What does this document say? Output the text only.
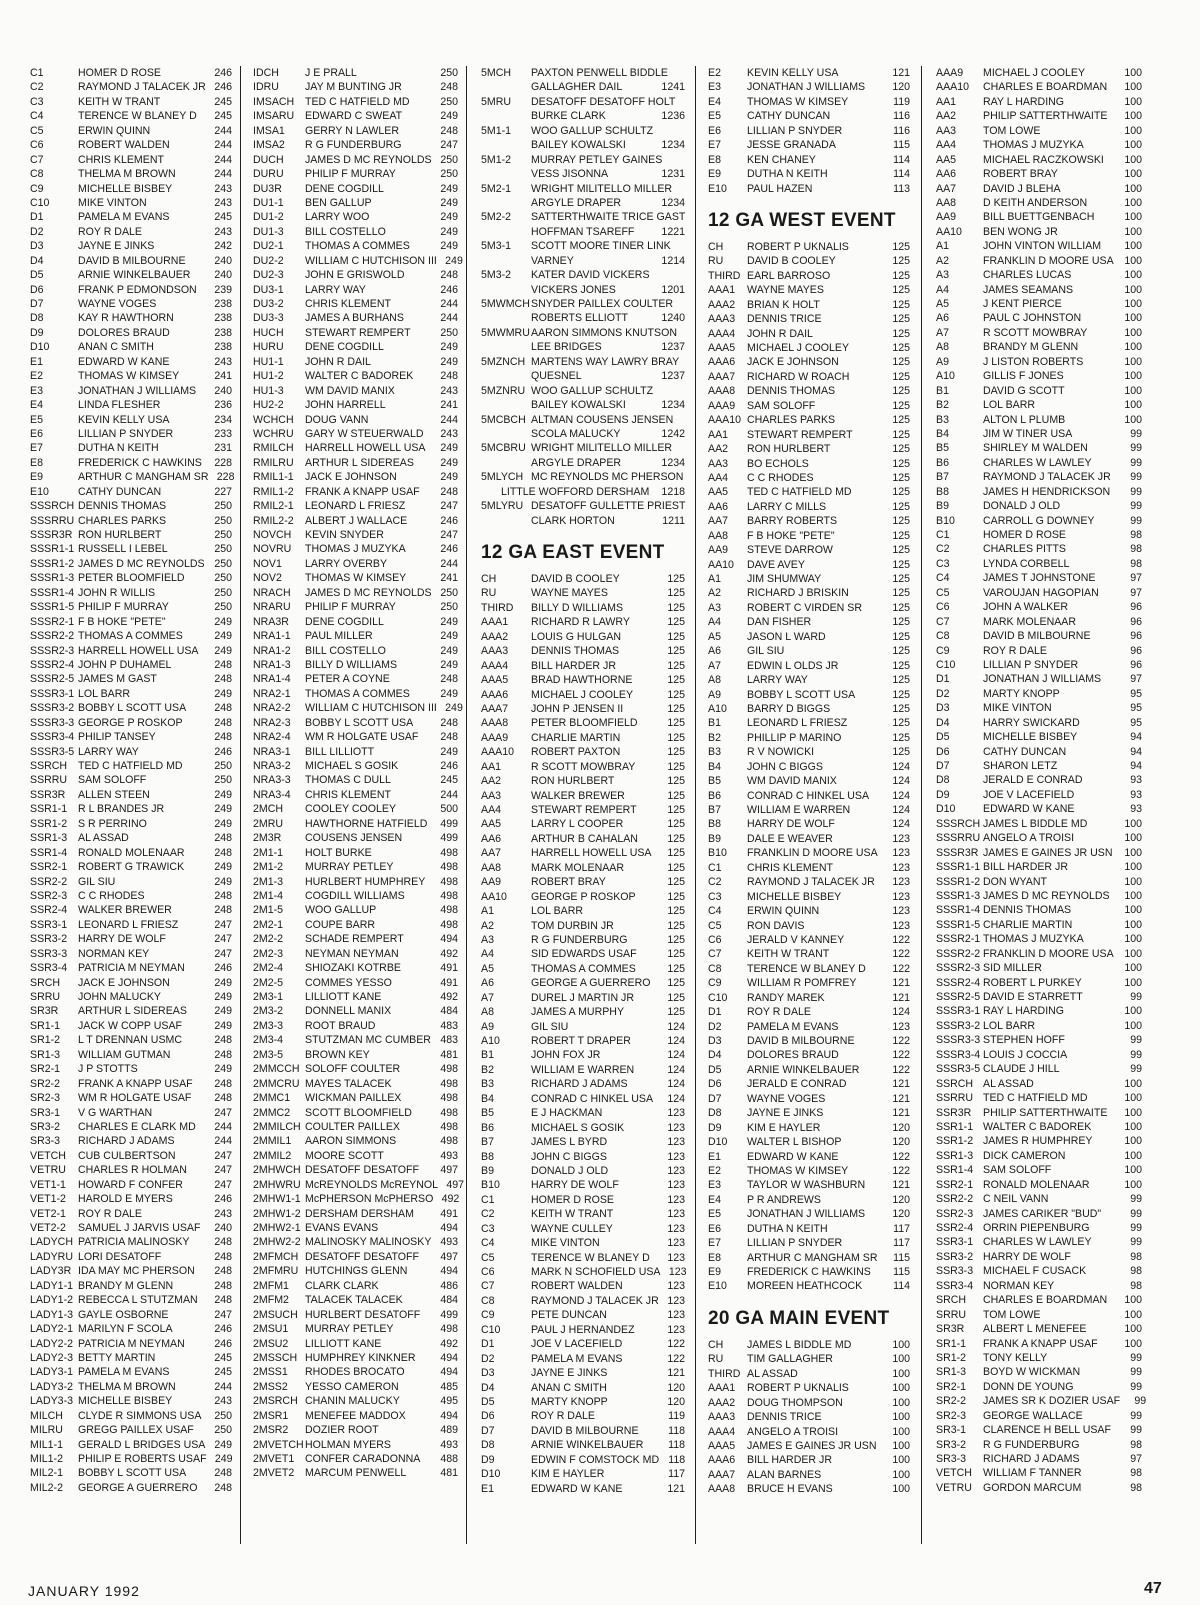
C1	HOMER D ROSE	246
C2	RAYMOND J TALACEK JR 246
C3	KEITH W TRANT	245
C4	TERENCE W BLANEY D	245
C5	ERWIN QUINN	244
C6	ROBERT WALDEN	244
C7	CHRIS KLEMENT	244
C8	THELMA M BROWN	244
C9	MICHELLE BISBEY	243
C10	MIKE VINTON	243
D1	PAMELA M EVANS	245
D2	ROY R DALE	243
D3	JAYNE E JINKS	242
D4	DAVID B MILBOURNE	240
D5	ARNIE WINKELBAUER	240
D6	FRANK P EDMONDSON	239
D7	WAYNE VOGES	238
D8	KAY R HAWTHORN	238
D9	DOLORES BRAUD	238
D10	ANAN C SMITH	238
E1	EDWARD W KANE	243
E2	THOMAS W KIMSEY	241
E3	JONATHAN J WILLIAMS	240
E4	LINDA FLESHER	236
E5	KEVIN KELLY USA	234
E6	LILLIAN P SNYDER	233
E7	DUTHA N KEITH	231
E8	FREDERICK C HAWKINS	228
E9	ARTHUR C MANGHAM SR 228
E10	CATHY DUNCAN	227
SSSRCH DENNIS THOMAS	250
SSSRRU CHARLES PARKS	250
SSSR3R RON HURLBERT	250
SSSR1-1 RUSSELL I LEBEL	250
SSSR1-2 JAMES D MC REYNOLDS 250
SSSR1-3 PETER BLOOMFIELD	250
SSSR1-4 JOHN R WILLIS	250
SSSR1-5 PHILIP F MURRAY	250
SSSR2-1 F B HOKE "PETE"	249
SSSR2-2 THOMAS A COMMES	249
SSSR2-3 HARRELL HOWELL USA	249
SSSR2-4 JOHN P DUHAMEL	248
SSSR2-5 JAMES M GAST	248
SSSR3-1 LOL BARR	249
SSSR3-2 BOBBY L SCOTT USA	248
SSSR3-3 GEORGE P ROSKOP	248
SSSR3-4 PHILIP TANSEY	248
SSSR3-5 LARRY WAY	246
SSRCH	TED C HATFIELD MD	250
SSRRU	SAM SOLOFF	250
SSR3R	ALLEN STEEN	249
SSR1-1	R L BRANDES JR	249
SSR1-2	S R PERRINO	249
SSR1-3	AL ASSAD	248
SSR1-4	RONALD MOLENAAR	248
SSR2-1	ROBERT G TRAWICK	249
SSR2-2	GIL SIU	249
SSR2-3	C C RHODES	248
SSR2-4	WALKER BREWER	248
SSR3-1	LEONARD L FRIESZ	247
SSR3-2	HARRY DE WOLF	247
SSR3-3	NORMAN KEY	247
SSR3-4	PATRICIA M NEYMAN	246
SRCH	JACK E JOHNSON	249
SRRU	JOHN MALUCKY	249
SR3R	ARTHUR L SIDEREAS	249
SR1-1	JACK W COPP USAF	249
SR1-2	L T DRENNAN USMC	248
SR1-3	WILLIAM GUTMAN	248
SR2-1	J P STOTTS	249
SR2-2	FRANK A KNAPP USAF	248
SR2-3	WM R HOLGATE USAF	248
SR3-1	V G WARTHAN	247
SR3-2	CHARLES E CLARK MD	244
SR3-3	RICHARD J ADAMS	244
VETCH	CUB CULBERTSON	247
VETRU	CHARLES R HOLMAN	247
VET1-1	HOWARD F CONFER	247
VET1-2	HAROLD E MYERS	246
VET2-1	ROY R DALE	243
VET2-2	SAMUEL J JARVIS USAF	240
LADYCH PATRICIA MALINOSKY	248
LADYRU LORI DESATOFF	248
LADY3R IDA MAY MC PHERSON	248
LADY1-1 BRANDY M GLENN	248
LADY1-2 REBECCA L STUTZMAN	248
LADY1-3 GAYLE OSBORNE	247
LADY2-1 MARILYN F SCOLA	246
LADY2-2 PATRICIA M NEYMAN	246
LADY2-3 BETTY MARTIN	245
LADY3-1 PAMELA M EVANS	245
LADY3-2 THELMA M BROWN	244
LADY3-3 MICHELLE BISBEY	243
MILCH	CLYDE R SIMMONS USA	250
MILRU	GREGG PAILLEX USAF	250
MIL1-1	GERALD L BRIDGES USA 249
MIL1-2	PHILIP E ROBERTS USAF 249
MIL2-1	BOBBY L SCOTT USA	248
MIL2-2	GEORGE A GUERRERO	248
IDCH	J E PRALL	250
IDRU	JAY M BUNTING JR	248
IMSACH	TED C HATFIELD MD	250
IMSARU	EDWARD C SWEAT	249
IMSA1	GERRY N LAWLER	248
IMSA2	R G FUNDERBURG	247
DUCH	JAMES D MC REYNOLDS 250
DURU	PHILIP F MURRAY	250
DU3R	DENE COGDILL	249
DU1-1	BEN GALLUP	249
DU1-2	LARRY WOO	249
DU1-3	BILL COSTELLO	249
DU2-1	THOMAS A COMMES	249
DU2-2	WILLIAM C HUTCHISON III 249
DU2-3	JOHN E GRISWOLD	248
DU3-1	LARRY WAY	246
DU3-2	CHRIS KLEMENT	244
DU3-3	JAMES A BURHANS	244
HUCH	STEWART REMPERT	250
HURU	DENE COGDILL	249
HU1-1	JOHN R DAIL	249
HU1-2	WALTER C BADOREK	248
HU1-3	WM DAVID MANIX	243
HU2-2	JOHN HARRELL	241
WCHCH	DOUG VANN	244
WCHRU	GARY W STEUERWALD	243
RMILCH	HARRELL HOWELL USA	249
RMILRU	ARTHUR L SIDEREAS	249
RMIL1-1	JACK E JOHNSON	249
RMIL1-2	FRANK A KNAPP USAF	248
RMIL2-1	LEONARD L FRIESZ	247
RMIL2-2	ALBERT J WALLACE	246
NOVCH	KEVIN SNYDER	247
NOVRU	THOMAS J MUZYKA	246
NOV1	LARRY OVERBY	244
NOV2	THOMAS W KIMSEY	241
NRACH	JAMES D MC REYNOLDS 250
NRARU	PHILIP F MURRAY	250
NRA3R	DENE COGDILL	249
NRA1-1	PAUL MILLER	249
NRA1-2	BILL COSTELLO	249
NRA1-3	BILLY D WILLIAMS	249
NRA1-4	PETER A COYNE	248
NRA2-1	THOMAS A COMMES	249
NRA2-2	WILLIAM C HUTCHISON III 249
NRA2-3	BOBBY L SCOTT USA	248
NRA2-4	WM R HOLGATE USAF	248
NRA3-1	BILL LILLIOTT	249
NRA3-2	MICHAEL S GOSIK	246
NRA3-3	THOMAS C DULL	245
NRA3-4	CHRIS KLEMENT	244
2MCH	COOLEY COOLEY	500
2MRU	HAWTHORNE HATFIELD	499
2M3R	COUSENS JENSEN	499
2M1-1	HOLT BURKE	498
2M1-2	MURRAY PETLEY	498
2M1-3	HURLBERT HUMPHREY	498
2M1-4	COGDILL WILLIAMS	498
2M1-5	WOO GALLUP	498
2M2-1	COUPE BARR	498
2M2-2	SCHADE REMPERT	494
2M2-3	NEYMAN NEYMAN	492
2M2-4	SHIOZAKI KOTRBE	491
2M2-5	COMMES YESSO	491
2M3-1	LILLIOTT KANE	492
2M3-2	DONNELL MANIX	484
2M3-3	ROOT BRAUD	483
2M3-4	STUTZMAN MC CUMBER 483
2M3-5	BROWN KEY	481
2MMCCH SOLOFF COULTER	498
2MMCRU MAYES TALACEK	498
2MMC1	WICKMAN PAILLEX	498
2MMC2	SCOTT BLOOMFIELD	498
2MMILCH COULTER PAILLEX	498
2MMIL1	AARON SIMMONS	498
2MMIL2	MOORE SCOTT	493
2MHWCH DESATOFF DESATOFF	497
2MHWRU McREYNOLDS McREYNOL 497
2MHW1-1 McPHERSON McPHERSO 492
2MHW1-2 DERSHAM DERSHAM	491
2MHW2-1 EVANS EVANS	494
2MHW2-2 MALINOSKY MALINOSKY 493
2MFMCH DESATOFF DESATOFF	497
2MFMRU HUTCHINGS GLENN	494
2MFM1	CLARK CLARK	486
2MFM2	TALACEK TALACEK	484
2MSUCH HURLBERT DESATOFF	499
2MSU1	MURRAY PETLEY	498
2MSU2	LILLIOTT KANE	492
2MSSCH HUMPHREY KINKNER	494
2MSS1	RHODES BROCATO	494
2MSS2	YESSO CAMERON	485
2MSRCH CHANIN MALUCKY	495
2MSR1	MENEFEE MADDOX	494
2MSR2	DOZIER ROOT	489
2MVETCH HOLMAN MYERS	493
2MVET1	CONFER CARADONNA	488
2MVET2	MARCUM PENWELL	481
5MCH	PAXTON PENWELL BIDDLE
GALLAGHER DAIL	1241
5MRU	DESATOFF DESATOFF HOLT
BURKE CLARK	1236
5M1-1	WOO GALLUP SCHULTZ
BAILEY KOWALSKI	1234
5M1-2	MURRAY PETLEY GAINES
VESS JISONNA	1231
5M2-1	WRIGHT MILITELLO MILLER
ARGYLE DRAPER	1234
5M2-2	SATTERTHWAITE TRICE GAST
HOFFMAN TSAREFF	1221
5M3-1	SCOTT MOORE TINER LINK
VARNEY	1214
5M3-2	KATER DAVID VICKERS
VICKERS JONES	1201
5MWMCH SNYDER PAILLEX COULTER
ROBERTS ELLIOTT	1240
5MWMRU AARON SIMMONS KNUTSON
LEE BRIDGES	1237
5MZNCH MARTENS WAY LAWRY BRAY
QUESNEL	1237
5MZNRU WOO GALLUP SCHULTZ
BAILEY KOWALSKI	1234
5MCBCH ALTMAN COUSENS JENSEN
SCOLA MALUCKY	1242
5MCBRU WRIGHT MILITELLO MILLER
ARGYLE DRAPER	1234
5MLYCH MC REYNOLDS MC PHERSON
LITTLE WOFFORD DERSHAM	1218
5MLYRU DESATOFF GULLETTE PRIEST
CLARK HORTON	1211
12 GA EAST EVENT
CH	DAVID B COOLEY	125
RU	WAYNE MAYES	125
THIRD	BILLY D WILLIAMS	125
AAA1	RICHARD R LAWRY	125
AAA2	LOUIS G HULGAN	125
AAA3	DENNIS THOMAS	125
AAA4	BILL HARDER JR	125
AAA5	BRAD HAWTHORNE	125
AAA6	MICHAEL J COOLEY	125
AAA7	JOHN P JENSEN II	125
AAA8	PETER BLOOMFIELD	125
AAA9	CHARLIE MARTIN	125
AAA10	ROBERT PAXTON	125
AA1	R SCOTT MOWBRAY	125
AA2	RON HURLBERT	125
AA3	WALKER BREWER	125
AA4	STEWART REMPERT	125
AA5	LARRY L COOPER	125
AA6	ARTHUR B CAHALAN	125
AA7	HARRELL HOWELL USA	125
AA8	MARK MOLENAAR	125
AA9	ROBERT BRAY	125
AA10	GEORGE P ROSKOP	125
A1	LOL BARR	125
A2	TOM DURBIN JR	125
A3	R G FUNDERBURG	125
A4	SID EDWARDS USAF	125
A5	THOMAS A COMMES	125
A6	GEORGE A GUERRERO	125
A7	DUREL J MARTIN JR	125
A8	JAMES A MURPHY	125
A9	GIL SIU	124
A10	ROBERT T DRAPER	124
B1	JOHN FOX JR	124
B2	WILLIAM E WARREN	124
B3	RICHARD J ADAMS	124
B4	CONRAD C HINKEL USA	124
B5	E J HACKMAN	123
B6	MICHAEL S GOSIK	123
B7	JAMES L BYRD	123
B8	JOHN C BIGGS	123
B9	DONALD J OLD	123
B10	HARRY DE WOLF	123
C1	HOMER D ROSE	123
C2	KEITH W TRANT	123
C3	WAYNE CULLEY	123
C4	MIKE VINTON	123
C5	TERENCE W BLANEY D	123
C6	MARK N SCHOFIELD USA 123
C7	ROBERT WALDEN	123
C8	RAYMOND J TALACEK JR 123
C9	PETE DUNCAN	123
C10	PAUL J HERNANDEZ	123
D1	JOE V LACEFIELD	122
D2	PAMELA M EVANS	122
D3	JAYNE E JINKS	121
D4	ANAN C SMITH	120
D5	MARTY KNOPP	120
D6	ROY R DALE	119
D7	DAVID B MILBOURNE	118
D8	ARNIE WINKELBAUER	118
D9	EDWIN F COMSTOCK MD 118
D10	KIM E HAYLER	117
E1	EDWARD W KANE	121
E2	KEVIN KELLY USA	121
E3	JONATHAN J WILLIAMS	120
E4	THOMAS W KIMSEY	119
E5	CATHY DUNCAN	116
E6	LILLIAN P SNYDER	116
E7	JESSE GRANADA	115
E8	KEN CHANEY	114
E9	DUTHA N KEITH	114
E10	PAUL HAZEN	113
12 GA WEST EVENT
CH	ROBERT P UKNALIS	125
RU	DAVID B COOLEY	125
THIRD EARL BARROSO	125
AAA1	WAYNE MAYES	125
AAA2	BRIAN K HOLT	125
AAA3	DENNIS TRICE	125
AAA4	JOHN R DAIL	125
AAA5	MICHAEL J COOLEY	125
AAA6	JACK E JOHNSON	125
AAA7	RICHARD W ROACH	125
AAA8	DENNIS THOMAS	125
AAA9	SAM SOLOFF	125
AAA10 CHARLES PARKS	125
AA1	STEWART REMPERT	125
AA2	RON HURLBERT	125
AA3	BO ECHOLS	125
AA4	C C RHODES	125
AA5	TED C HATFIELD MD	125
AA6	LARRY C MILLS	125
AA7	BARRY ROBERTS	125
AA8	F B HOKE "PETE"	125
AA9	STEVE DARROW	125
AA10	DAVE AVEY	125
A1	JIM SHUMWAY	125
A2	RICHARD J BRISKIN	125
A3	ROBERT C VIRDEN SR	125
A4	DAN FISHER	125
A5	JASON L WARD	125
A6	GIL SIU	125
A7	EDWIN L OLDS JR	125
A8	LARRY WAY	125
A9	BOBBY L SCOTT USA	125
A10	BARRY D BIGGS	125
B1	LEONARD L FRIESZ	125
B2	PHILLIP P MARINO	125
B3	R V NOWICKI	125
B4	JOHN C BIGGS	124
B5	WM DAVID MANIX	124
B6	CONRAD C HINKEL USA	124
B7	WILLIAM E WARREN	124
B8	HARRY DE WOLF	124
B9	DALE E WEAVER	123
B10	FRANKLIN D MOORE USA	123
C1	CHRIS KLEMENT	123
C2	RAYMOND J TALACEK JR	123
C3	MICHELLE BISBEY	123
C4	ERWIN QUINN	123
C5	RON DAVIS	123
C6	JERALD V KANNEY	122
C7	KEITH W TRANT	122
C8	TERENCE W BLANEY D	122
C9	WILLIAM R POMFREY	121
C10	RANDY MAREK	121
D1	ROY R DALE	124
D2	PAMELA M EVANS	123
D3	DAVID B MILBOURNE	122
D4	DOLORES BRAUD	122
D5	ARNIE WINKELBAUER	122
D6	JERALD E CONRAD	121
D7	WAYNE VOGES	121
D8	JAYNE E JINKS	121
D9	KIM E HAYLER	120
D10	WALTER L BISHOP	120
E1	EDWARD W KANE	122
E2	THOMAS W KIMSEY	122
E3	TAYLOR W WASHBURN	121
E4	P R ANDREWS	120
E5	JONATHAN J WILLIAMS	120
E6	DUTHA N KEITH	117
E7	LILLIAN P SNYDER	117
E8	ARTHUR C MANGHAM SR	115
E9	FREDERICK C HAWKINS	115
E10	MOREEN HEATHCOCK	114
20 GA MAIN EVENT
CH	JAMES L BIDDLE MD	100
RU	TIM GALLAGHER	100
THIRD AL ASSAD	100
AAA1	ROBERT P UKNALIS	100
AAA2	DOUG THOMPSON	100
AAA3	DENNIS TRICE	100
AAA4	ANGELO A TROISI	100
AAA5	JAMES E GAINES JR USN	100
AAA6	BILL HARDER JR	100
AAA7	ALAN BARNES	100
AAA8	BRUCE H EVANS	100
AAA9	MICHAEL J COOLEY	100
AAA10	CHARLES E BOARDMAN	100
AA1	RAY L HARDING	100
AA2	PHILIP SATTERTHWAITE	100
AA3	TOM LOWE	100
AA4	THOMAS J MUZYKA	100
AA5	MICHAEL RACZKOWSKI	100
AA6	ROBERT BRAY	100
AA7	DAVID J BLEHA	100
AA8	D KEITH ANDERSON	100
AA9	BILL BUETTGENBACH	100
AA10	BEN WONG JR	100
A1	JOHN VINTON WILLIAM	100
A2	FRANKLIN D MOORE USA	100
A3	CHARLES LUCAS	100
A4	JAMES SEAMANS	100
A5	J KENT PIERCE	100
A6	PAUL C JOHNSTON	100
A7	R SCOTT MOWBRAY	100
A8	BRANDY M GLENN	100
A9	J LISTON ROBERTS	100
A10	GILLIS F JONES	100
B1	DAVID G SCOTT	100
B2	LOL BARR	100
B3	ALTON L PLUMB	100
B4	JIM W TINER USA	99
B5	SHIRLEY M WALDEN	99
B6	CHARLES W LAWLEY	99
B7	RAYMOND J TALACEK JR	99
B8	JAMES H HENDRICKSON	99
B9	DONALD J OLD	99
B10	CARROLL G DOWNEY	99
C1	HOMER D ROSE	98
C2	CHARLES PITTS	98
C3	LYNDA CORBELL	98
C4	JAMES T JOHNSTONE	97
C5	VAROUJAN HAGOPIAN	97
C6	JOHN A WALKER	96
C7	MARK MOLENAAR	96
C8	DAVID B MILBOURNE	96
C9	ROY R DALE	96
C10	LILLIAN P SNYDER	96
D1	JONATHAN J WILLIAMS	97
D2	MARTY KNOPP	95
D3	MIKE VINTON	95
D4	HARRY SWICKARD	95
D5	MICHELLE BISBEY	94
D6	CATHY DUNCAN	94
D7	SHARON LETZ	94
D8	JERALD E CONRAD	93
D9	JOE V LACEFIELD	93
D10	EDWARD W KANE	93
SSSRCH JAMES L BIDDLE MD	100
SSSRRU ANGELO A TROISI	100
SSSR3R JAMES E GAINES JR USN	100
SSSR1-1 BILL HARDER JR	100
SSSR1-2 DON WYANT	100
SSSR1-3 JAMES D MC REYNOLDS	100
SSSR1-4 DENNIS THOMAS	100
SSSR1-5 CHARLIE MARTIN	100
SSSR2-1 THOMAS J MUZYKA	100
SSSR2-2 FRANKLIN D MOORE USA	100
SSSR2-3 SID MILLER	100
SSSR2-4 ROBERT L PURKEY	100
SSSR2-5 DAVID E STARRETT	99
SSSR3-1 RAY L HARDING	100
SSSR3-2 LOL BARR	100
SSSR3-3 STEPHEN HOFF	99
SSSR3-4 LOUIS J COCCIA	99
SSSR3-5 CLAUDE J HILL	99
SSRCH AL ASSAD	100
SSRRU TED C HATFIELD MD	100
SSR3R	PHILIP SATTERTHWAITE	100
SSR1-1 WALTER C BADOREK	100
SSR1-2 JAMES R HUMPHREY	100
SSR1-3 DICK CAMERON	100
SSR1-4 SAM SOLOFF	100
SSR2-1 RONALD MOLENAAR	100
SSR2-2 C NEIL VANN	99
SSR2-3 JAMES CARIKER "BUD"	99
SSR2-4 ORRIN PIEPENBURG	99
SSR3-1 CHARLES W LAWLEY	99
SSR3-2 HARRY DE WOLF	98
SSR3-3 MICHAEL F CUSACK	98
SSR3-4 NORMAN KEY	98
SRCH	CHARLES E BOARDMAN	100
SRRU	TOM LOWE	100
SR3R	ALBERT L MENEFEE	100
SR1-1	FRANK A KNAPP USAF	100
SR1-2	TONY KELLY	99
SR1-3	BOYD W WICKMAN	99
SR2-1	DONN DE YOUNG	99
SR2-2	JAMES SR K DOZIER USAF	99
SR2-3	GEORGE WALLACE	99
SR3-1	CLARENCE H BELL USAF	99
SR3-2	R G FUNDERBURG	98
SR3-3	RICHARD J ADAMS	97
VETCH	WILLIAM F TANNER	98
VETRU	GORDON MARCUM	98
JANUARY 1992	47
